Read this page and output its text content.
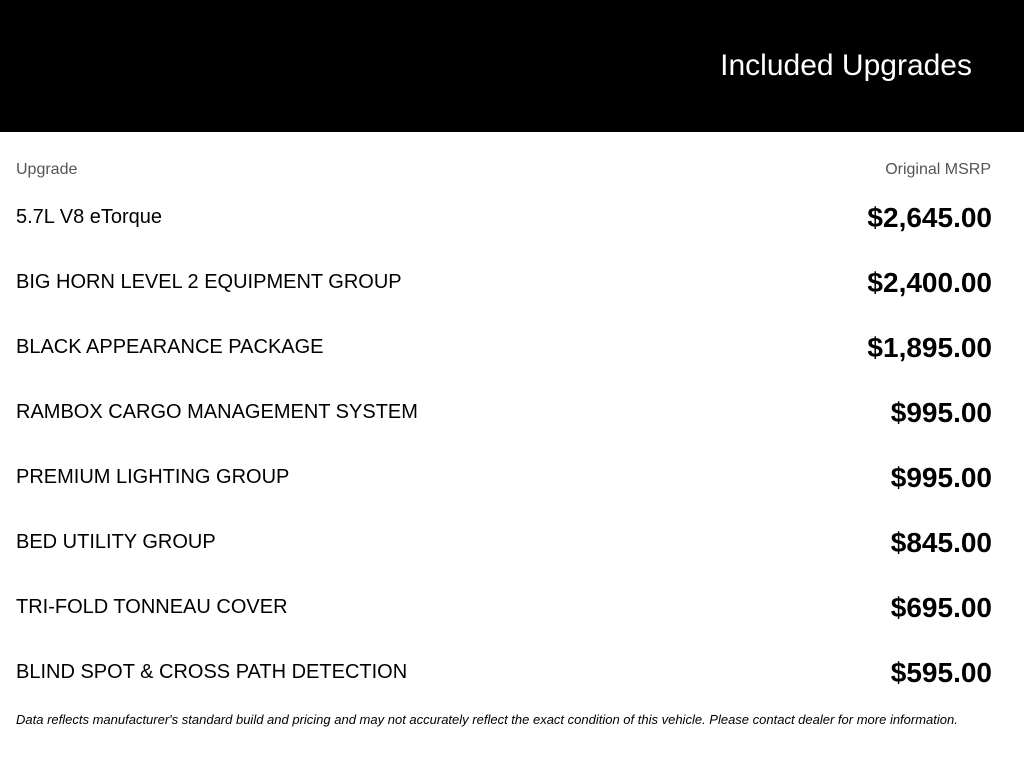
Included Upgrades
Upgrade	Original MSRP
5.7L V8 eTorque	$2,645.00
BIG HORN LEVEL 2 EQUIPMENT GROUP	$2,400.00
BLACK APPEARANCE PACKAGE	$1,895.00
RAMBOX CARGO MANAGEMENT SYSTEM	$995.00
PREMIUM LIGHTING GROUP	$995.00
BED UTILITY GROUP	$845.00
TRI-FOLD TONNEAU COVER	$695.00
BLIND SPOT & CROSS PATH DETECTION	$595.00
Data reflects manufacturer's standard build and pricing and may not accurately reflect the exact condition of this vehicle. Please contact dealer for more information.
